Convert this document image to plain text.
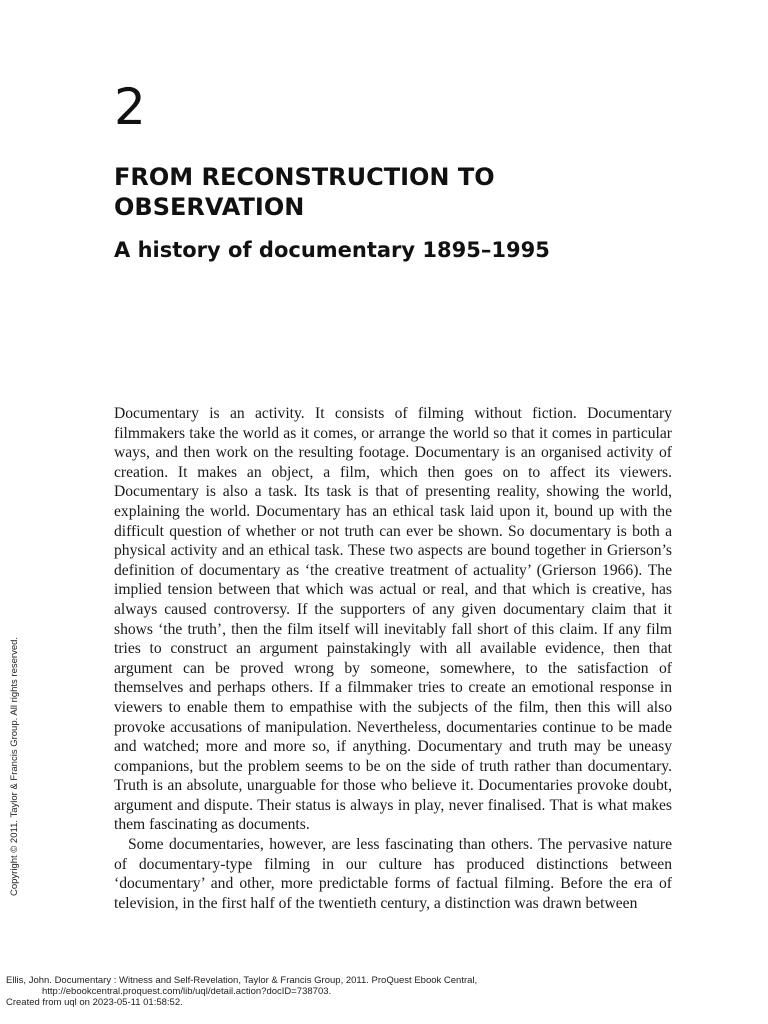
2
FROM RECONSTRUCTION TO OBSERVATION
A history of documentary 1895–1995

Documentary is an activity. It consists of filming without fiction. Documentary filmmakers take the world as it comes, or arrange the world so that it comes in particular ways, and then work on the resulting footage. Documentary is an organised activity of creation. It makes an object, a film, which then goes on to affect its viewers. Documentary is also a task. Its task is that of presenting reality, showing the world, explaining the world. Documentary has an ethical task laid upon it, bound up with the difficult question of whether or not truth can ever be shown. So documentary is both a physical activity and an ethical task. These two aspects are bound together in Grierson’s definition of documentary as ‘the creative treatment of actuality’ (Grierson 1966). The implied tension between that which was actual or real, and that which is creative, has always caused controversy. If the supporters of any given documentary claim that it shows ‘the truth’, then the film itself will inevitably fall short of this claim. If any film tries to construct an argument painstakingly with all available evidence, then that argument can be proved wrong by someone, somewhere, to the satisfaction of themselves and perhaps others. If a filmmaker tries to create an emotional response in viewers to enable them to empathise with the subjects of the film, then this will also provoke accusations of manipulation. Nevertheless, documentaries continue to be made and watched; more and more so, if anything. Documentary and truth may be uneasy companions, but the problem seems to be on the side of truth rather than documentary. Truth is an absolute, unarguable for those who believe it. Documentaries provoke doubt, argument and dispute. Their status is always in play, never finalised. That is what makes them fascinating as documents.

Some documentaries, however, are less fascinating than others. The pervasive nature of documentary-type filming in our culture has produced distinctions between ‘documentary’ and other, more predictable forms of factual filming. Before the era of television, in the first half of the twentieth century, a distinction was drawn between

Copyright © 2011. Taylor & Francis Group. All rights reserved.
Ellis, John. Documentary : Witness and Self-Revelation, Taylor & Francis Group, 2011. ProQuest Ebook Central,
http://ebookcentral.proquest.com/lib/uql/detail.action?docID=738703.
Created from uql on 2023-05-11 01:58:52.
